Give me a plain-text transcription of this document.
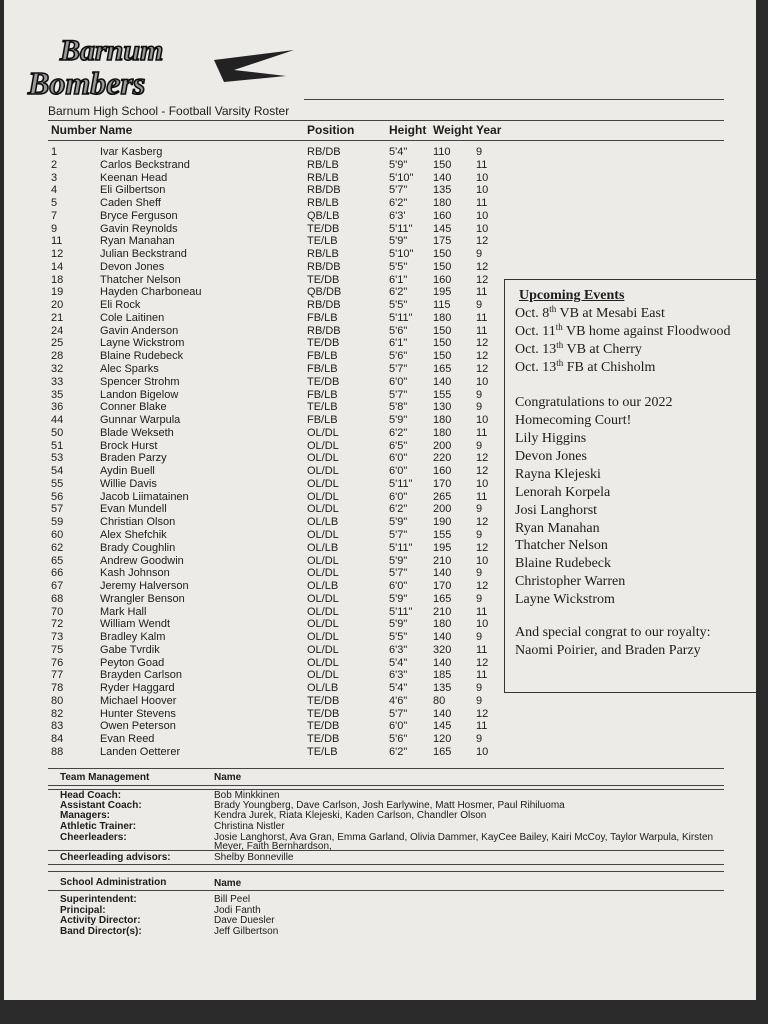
Barnum
Bombers
Barnum High School - Football Varsity Roster
Number Name	Position	Height Weight Year
1	Ivar Kasberg	RB/DB	5'4" 110 9
2	Carlos Beckstrand	RB/LB	5'9" 150 11
3	Keenan Head	RB/LB	5'10" 140 10
4	Eli Gilbertson	RB/DB	5'7" 135 10
5	Caden Sheff	RB/LB	6'2" 180 11
7	Bryce Ferguson	QB/LB	6'3'	160 10
9	Gavin Reynolds	TE/DB	5'11" 145 10
11	Ryan Manahan	TE/LB	5'9" 175 12
12	Julian Beckstrand	RB/LB	5'10" 150 9
14	Devon Jones	RB/DB	5'5" 150 12
18	Thatcher Nelson	TE/DB	6'1" 160 12
19	Hayden Charboneau	QB/DB	6'2" 195 11
20	Eli Rock	RB/DB	5'5" 115 9
21	Cole Laitinen	FB/LB	5'11" 180 11
24	Gavin Anderson	RB/DB	5'6" 150 11
25	Layne Wickstrom	TE/DB	6'1" 150 12
28	Blaine Rudebeck	FB/LB	5'6" 150 12
32	Alec Sparks	FB/LB	5'7" 165 12
33	Spencer Strohm	TE/DB	6'0" 140 10
35	Landon Bigelow	FB/LB	5'7" 155 9
36	Conner Blake	TE/LB	5'8" 130 9
44	Gunnar Warpula	FB/LB	5'9" 180 10
50	Blade Wekseth	OL/DL	6'2" 180 11
51	Brock Hurst	OL/DL	6'5" 200 9
53	Braden Parzy	OL/DL	6'0" 220 12
54	Aydin Buell	OL/DL	6'0" 160 12
55	Willie Davis	OL/DL	5'11" 170 10
56	Jacob Liimatainen	OL/DL	6'0" 265 11
57	Evan Mundell	OL/DL	6'2" 200 9
59	Christian Olson	OL/LB	5'9" 190 12
60	Alex Shefchik	OL/DL	5'7" 155 9
62	Brady Coughlin	OL/LB	5'11" 195 12
65	Andrew Goodwin	OL/DL	5'9" 210 10
66	Kash Johnson	OL/DL	5'7" 140 9
67	Jeremy Halverson	OL/LB	6'0" 170 12
68	Wrangler Benson	OL/DL	5'9" 165 9
70	Mark Hall	OL/DL	5'11" 210 11
72	William Wendt	OL/DL	5'9" 180 10
73	Bradley Kalm	OL/DL	5'5" 140 9
75	Gabe Tvrdik	OL/DL	6'3" 320 11
76	Peyton Goad	OL/DL	5'4" 140 12
77	Brayden Carlson	OL/DL	6'3" 185 11
78	Ryder Haggard	OL/LB	5'4" 135 9
80	Michael Hoover	TE/DB	4'6" 80	9
82	Hunter Stevens	TE/DB	5'7" 140 12
83	Owen Peterson	TE/DB	6'0" 145 11
84	Evan Reed	TE/DB	5'6" 120 9
88	Landen Oetterer	TE/LB	6'2" 165 10
Upcoming Events
Oct. 8th VB at Mesabi East
Oct. 11th VB home against Floodwood
Oct. 13th VB at Cherry
Oct. 13th FB at Chisholm
Congratulations to our 2022
Homecoming Court!
Lily Higgins
Devon Jones
Rayna Klejeski
Lenorah Korpela
Josi Langhorst
Ryan Manahan
Thatcher Nelson
Blaine Rudebeck
Christopher Warren
Layne Wickstrom
And special congrat to our royalty:
Naomi Poirier, and Braden Parzy
Team Management	Name
Head Coach:	Bob Minkkinen
Assistant Coach:	Brady Youngberg, Dave Carlson, Josh Earlywine, Matt Hosmer, Paul Rihiluoma
Managers:	Kendra Jurek, Riata Klejeski, Kaden Carlson, Chandler Olson
Athletic Trainer:	Christina Nistler
Cheerleaders:	Josie Langhorst, Ava Gran, Emma Garland, Olivia Dammer, KayCee Bailey, Kairi McCoy, Taylor Warpula, Kirsten
Meyer, Faith Bernhardson,
Cheerleading advisors:	Shelby Bonneville
School Administration	Name
Superintendent:	Bill Peel
Principal:	Jodi Fanth
Activity Director:	Dave Duesler
Band Director(s):	Jeff Gilbertson
